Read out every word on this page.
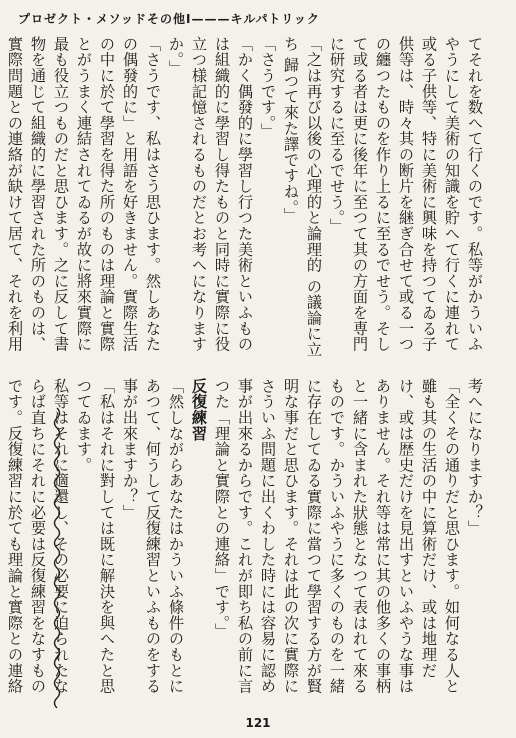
プロゼクト・メソッドその他Ⅰ———キルパトリック

てそれを数へて行くのです。私等がかういふやうにして美術の知識を貯へて行くに連れて或る子供等、特に美術に興味を持つてゐる子供等は、時々其の断片を継ぎ合せて或る一つの纏つたものを作り上るに至るでせう。そして或る者は更に後年に至つて其の方面を専門に研究するに至るでせう。」

「之は再び以後の心理的と論理的 の議論に立ち 歸つて來た譯ですね。」

「さうです。」

「かく偶發的に學習し行つた美術といふものは組織的に學習し得たものと同時に實際に役立つ様記憶されるものだとお考へになりますか。」

「さうです、私はさう思ひます。然しあなたの偶發的に」と用語を好きません。實際生活の中に於て學習を得た所のものは理論と實際とがうまく連結されてゐるが故に將來實際に最も役立つものだと思ひます。之に反して書物を通じて組織的に學習された所のものは、實際問題との連絡が缺けて居て、それを利用

考へになりますか？」

「全くその通りだと思ひます。如何なる人と雖も其の生活の中に算術だけ、或は地理だけ、或は歴史だけを見出すといふやうな事はありません。それ等は常に其の他多くの事柄と一緒に含まれた狀態となつて表はれて來るものです。かういふやうに多くのものを一緒に存在してゐる實際に當つて學習する方が賢明な事だと思ひます。それは此の次に實際にさういふ問題に出くわした時には容易に認め事が出來るからです。これが即ち私の前に言つた「理論と實際との連絡」です。」

反復練習

「然しながらあなたはかういふ條件のもとにあつて、何うして反復練習といふものをする事が出來ますか？」

「私はそれに對しては既に解決を與へたと思つてゐます。

私等はそれに適還し、その必要に迫られたならば直ちにそれに必要は反復練習をなすものです。反復練習に於ても理論と實際との連絡

121
